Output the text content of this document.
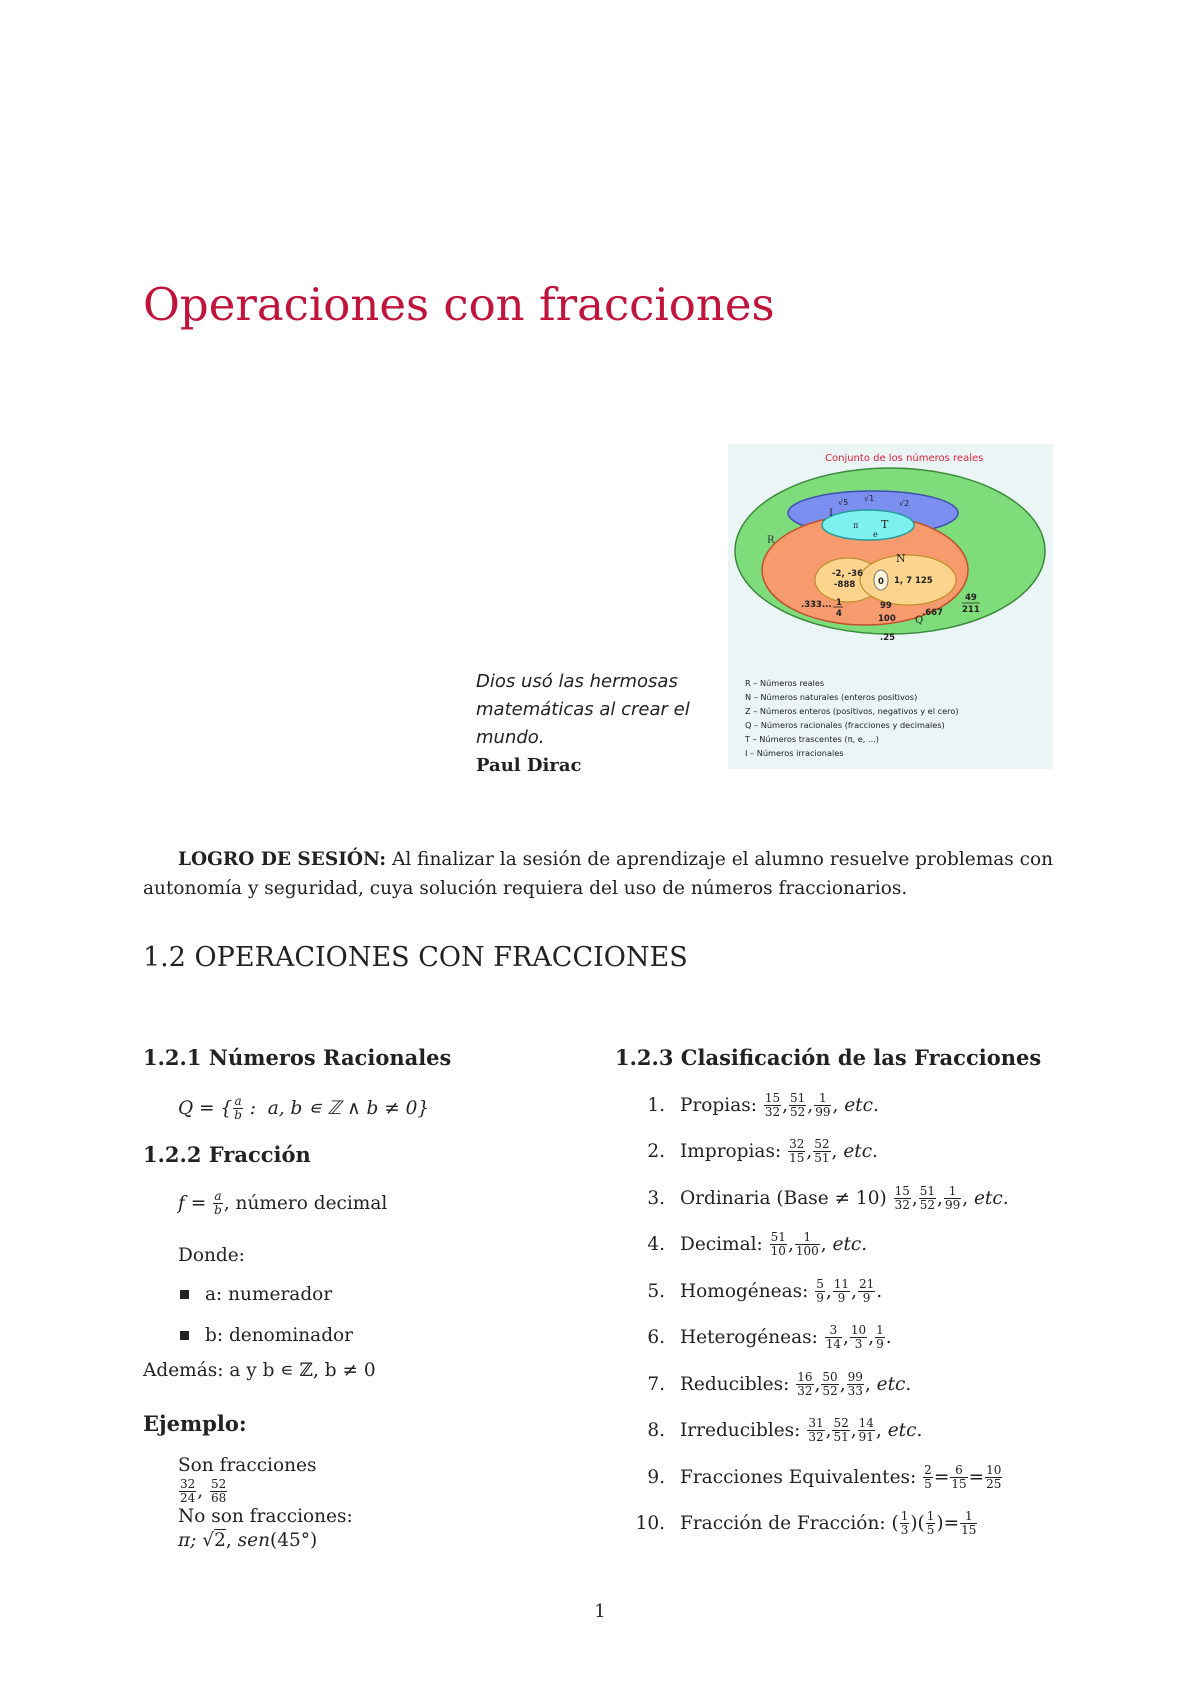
Operaciones con fracciones
Dios usó las hermosas matemáticas al crear el mundo.
Paul Dirac
Conjunto de los números reales
R
I
T
N
Q
√5 √1
√2
π
e
-2, -36
-888	0 1, 7 125
.333... 1
4
99
100
.667
49
211
.25
R – Números reales
N – Números naturales (enteros positivos)
Z – Números enteros (positivos, negativos y el cero)
Q – Números racionales (fracciones y decimales)
T – Números trascentes (π, e, ...)
I – Números irracionales

LOGRO DE SESIÓN: Al finalizar la sesión de aprendizaje el alumno resuelve problemas con autonomía y seguridad, cuya solución requiera del uso de números fraccionarios.

1.2 OPERACIONES CON FRACCIONES
1.2.1 Números Racionales
Q = { a
b :  a, b ∊ ℤ ∧ b ≠ 0}
1.2.2 Fracción
$f = \frac{a}{b}$ , número decimal
Donde:
a: numerador
b: denominador
Además: a y b ∊ ℤ, b ≠ 0
Ejemplo:
Son fracciones
$\frac{32}{24}$ , $\frac{52}{68}$
No son fracciones:
π; √2, sen(45°)
1.2.3 Clasificación de las Fracciones
1. Propias:
15
32 , 51
52 , 1
99 , etc.
2. Impropias:
32
15 , 52
51 , etc.
3. Ordinaria (Base ≠ 10)
15
32 , 51
52 , 1
99 , etc.
4. Decimal:
51
10 , 1
100 , etc.
5. Homogéneas:
5
9 , 11
9 , 21
9 .
6. Heterogéneas:
3
14 , 10
3 , 1
9 .
7. Reducibles:
16
32 , 50
52 , 99
33 , etc.
8. Irreducibles:
31
32 , 52
51 , 14
91 , etc.
9. Fracciones Equivalentes:
$\frac{2}{5} = \frac{6}{15} = \frac{10}{25}$
10. Fracción de Fracción: ( 1
3 )( $\frac{1}{5}$ ) = $\frac{1}{15}$
1
